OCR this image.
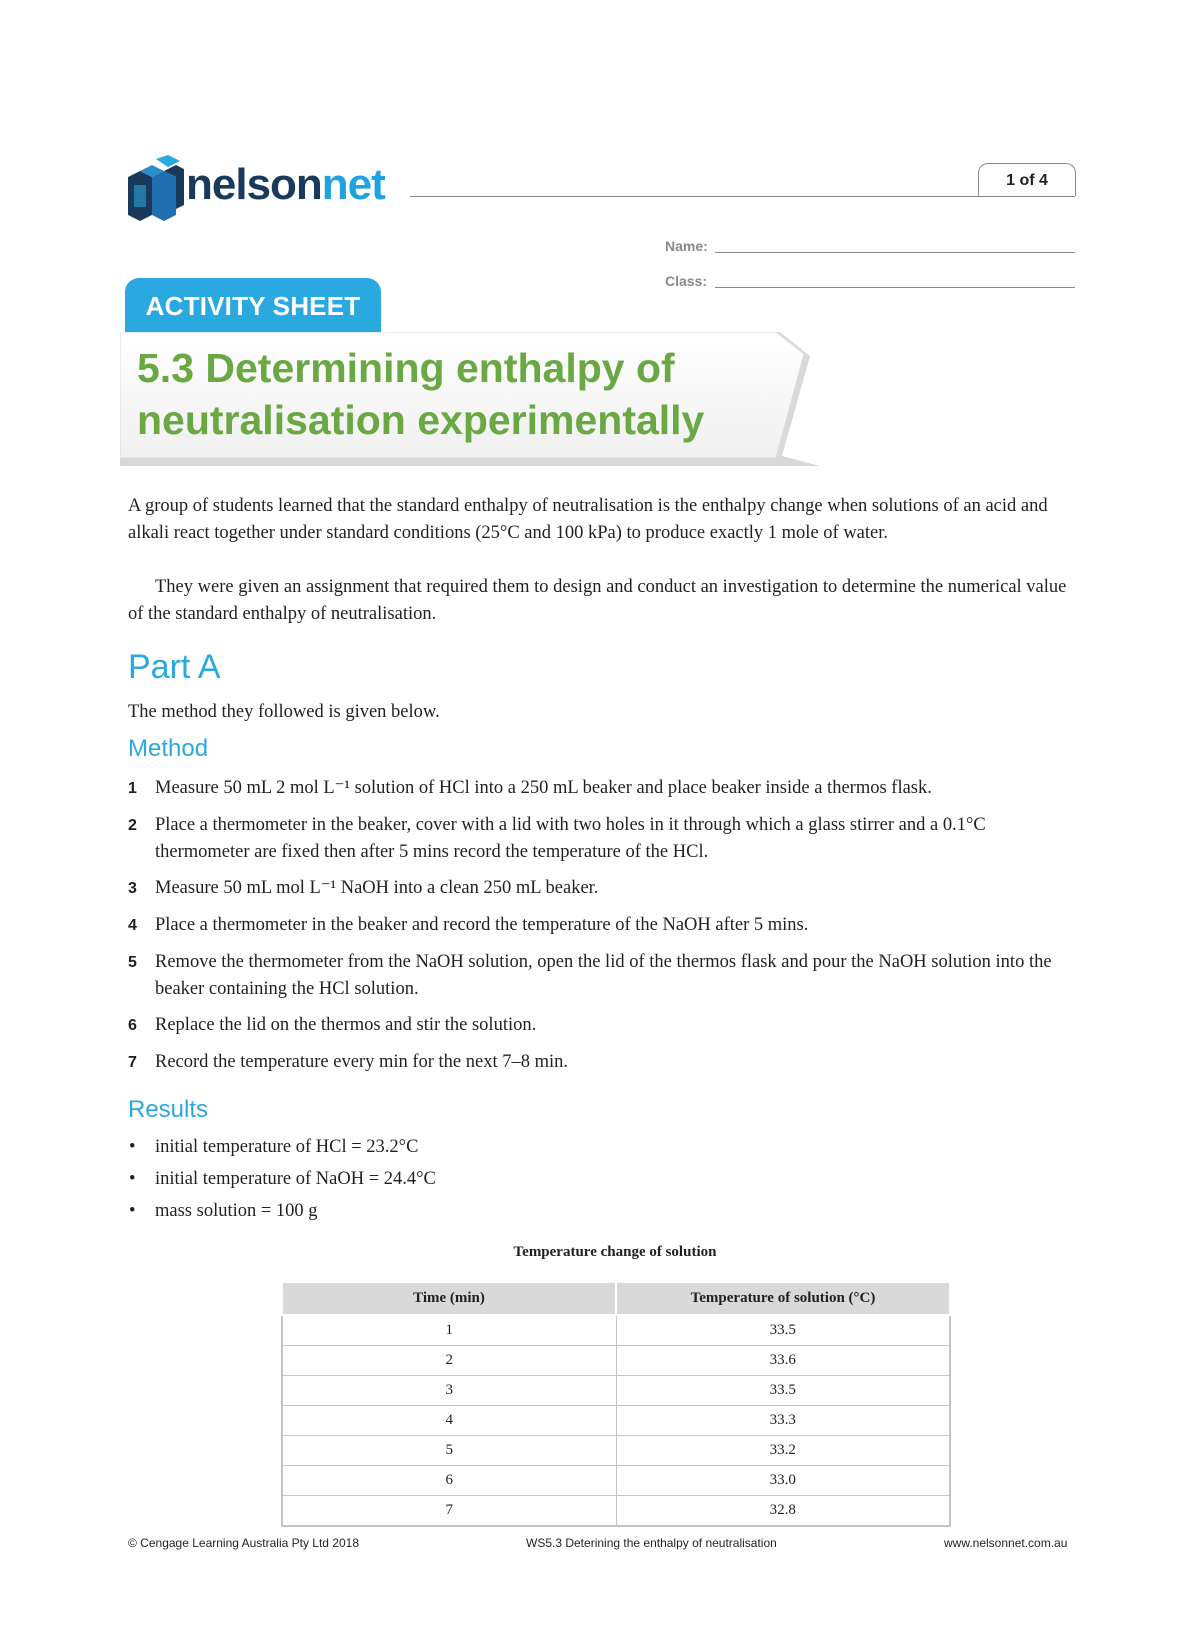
nelsonnet	1 of 4
Name:
Class:
ACTIVITY SHEET
5.3 Determining enthalpy of neutralisation experimentally

A group of students learned that the standard enthalpy of neutralisation is the enthalpy change when solutions of an acid and alkali react together under standard conditions (25°C and 100 kPa) to produce exactly 1 mole of water.

They were given an assignment that required them to design and conduct an investigation to determine the numerical value of the standard enthalpy of neutralisation.

Part A

The method they followed is given below.

Method
1 Measure 50 mL 2 mol L⁻¹ solution of HCl into a 250 mL beaker and place beaker inside a thermos flask.
2 Place a thermometer in the beaker, cover with a lid with two holes in it through which a glass stirrer and a 0.1°C thermometer are fixed then after 5 mins record the temperature of the HCl.
3 Measure 50 mL mol L⁻¹ NaOH into a clean 250 mL beaker.
4 Place a thermometer in the beaker and record the temperature of the NaOH after 5 mins.
5 Remove the thermometer from the NaOH solution, open the lid of the thermos flask and pour the NaOH solution into the beaker containing the HCl solution.
6 Replace the lid on the thermos and stir the solution.
7 Record the temperature every min for the next 7–8 min.
Results
• initial temperature of HCl = 23.2°C
• initial temperature of NaOH = 24.4°C
• mass solution = 100 g
Temperature change of solution
Time (min)	Temperature of solution (°C)
1	33.5
2	33.6
3	33.5
4	33.3
5	33.2
6	33.0
7	32.8
© Cengage Learning Australia Pty Ltd 2018	WS5.3 Deterining the enthalpy of neutralisation	www.nelsonnet.com.au
